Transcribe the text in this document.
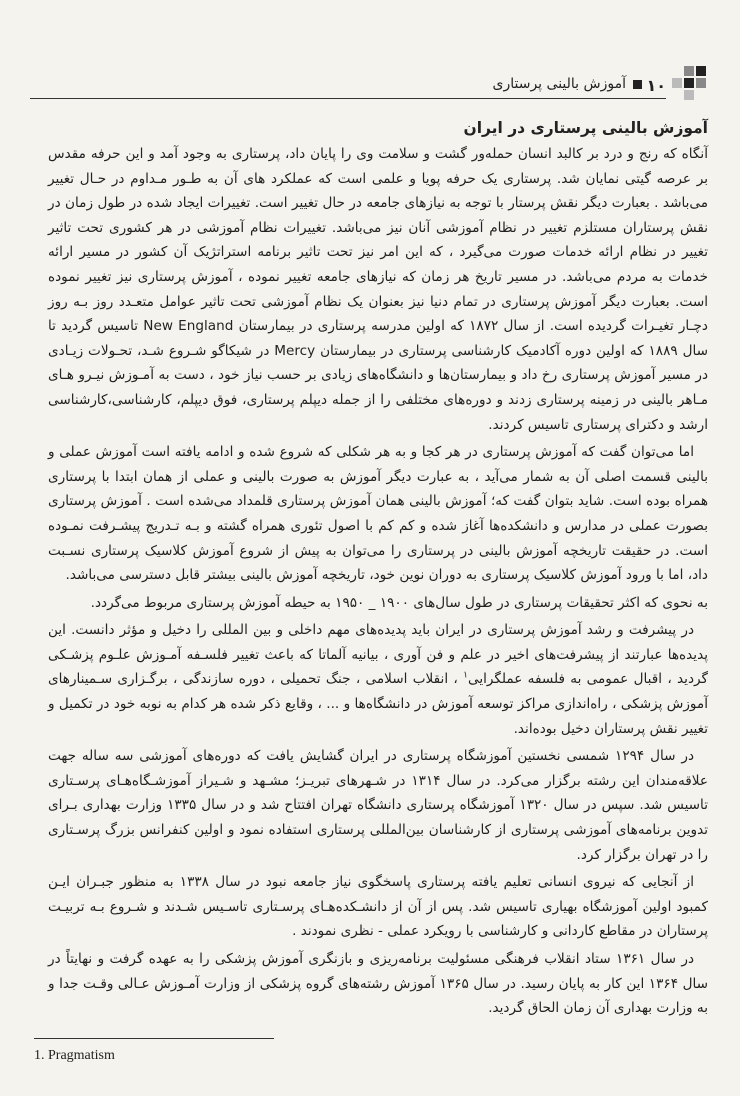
۱۰
آموزش بالینی پرستاری
آموزش بالینی پرستاری در ایران

آنگاه که رنج و درد بر کالبد انسان حمله‌ور گشت و سلامت وی را پایان داد، پرستاری به وجود آمد و این حرفه مقدس بر عرصه گیتی نمایان شد. پرستاری یک حرفه پویا و علمی است که عملکرد های آن به طـور مـداوم در حـال تغییر می‌باشد . بعبارت دیگر نقش پرستار با توجه به نیازهای جامعه در حال تغییر است. تغییرات ایجاد شده در طول زمان در نقش پرستاران مستلزم تغییر در نظام آموزشی آنان نیز می‌باشد. تغییرات نظام آموزشی در هر کشوری تحت تاثیر تغییر در نظام ارائه خدمات صورت می‌گیرد ، که این امر نیز تحت تاثیر برنامه استراتژیک آن کشور در مسیر ارائه خدمات به مردم می‌باشد. در مسیر تاریخ هر زمان که نیازهای جامعه تغییر نموده ، آموزش پرستاری نیز تغییر نموده است. بعبارت دیگر آموزش پرستاری در تمام دنیا نیز بعنوان یک نظام آموزشی تحت تاثیر عوامل متعـدد روز بـه روز دچـار تغیـرات گردیده است. از سال ۱۸۷۲ که اولین مدرسه پرستاری در بیمارستان New England تاسیس گردید تا سال ۱۸۸۹ که اولین دوره آکادمیک کارشناسی پرستاری در بیمارستان Mercy در شیکاگو شـروع شـد، تحـولات زیـادی در مسیر آموزش پرستاری رخ داد و بیمارستان‌ها و دانشگاه‌های زیادی بر حسب نیاز خود ، دست به آمـوزش نیـرو هـای مـاهر بالینی در زمینه پرستاری زدند و دوره‌های مختلفی را از جمله دیپلم پرستاری، فوق دیپلم، کارشناسی،کارشناسی ارشد و دکترای پرستاری تاسیس کردند.

اما می‌توان گفت که آموزش پرستاری در هر کجا و به هر شکلی که شروع شده و ادامه یافته است آموزش عملی و بالینی قسمت اصلی آن به شمار می‌آید ، به عبارت دیگر آموزش به صورت بالینی و عملی از همان ابتدا با پرستاری همراه بوده است. شاید بتوان گفت که؛ آموزش بالینی همان آموزش پرستاری قلمداد می‌شده است . آموزش پرستاری بصورت عملی در مدارس و دانشکده‌ها آغاز شده و کم کم با اصول تئوری همراه گشته و بـه تـدریج پیشـرفت نمـوده است. در حقیقت تاریخچه آموزش بالینی در پرستاری را می‌توان به پیش از شروع آموزش کلاسیک پرستاری نسـبت داد، اما با ورود آموزش کلاسیک پرستاری به دوران نوین خود، تاریخچه آموزش بالینی بیشتر قابل دسترسی می‌باشد.

به نحوی که اکثر تحقیقات پرستاری در طول سال‌های ۱۹۰۰ _ ۱۹۵۰ به حیطه آموزش پرستاری مربوط می‌گردد.

در پیشرفت و رشد آموزش پرستاری در ایران باید پدیده‌های مهم داخلی و بین المللی را دخیل و مؤثر دانست. این پدیده‌ها عبارتند از پیشرفت‌های اخیر در علم و فن آوری ، بیانیه آلماتا که باعث تغییر فلسـفه آمـوزش علـوم پزشـکی گردید ، اقبال عمومی به فلسفه عملگرایی$^۱$ ، انقلاب اسلامی ، جنگ تحمیلی ، دوره سازندگی ، برگـزاری سـمینارهای آموزش پزشکی ، راه‌اندازی مراکز توسعه آموزش در دانشگاه‌ها و ... ، وقایع ذکر شده هر کدام به نوبه خود در تکمیل و تغییر نقش پرستاران دخیل بوده‌اند.

در سال ۱۲۹۴ شمسی نخستین آموزشگاه پرستاری در ایران گشایش یافت که دوره‌های آموزشی سه ساله جهت علاقه‌مندان این رشته برگزار می‌کرد. در سال ۱۳۱۴ در شـهرهای تبریـز؛ مشـهد و شـیراز آموزشـگاه‌هـای پرسـتاری تاسیس شد. سپس در سال ۱۳۲۰ آموزشگاه پرستاری دانشگاه تهران افتتاح شد و در سال ۱۳۳۵ وزارت بهداری بـرای تدوین برنامه‌های آموزشی پرستاری از کارشناسان بین‌المللی پرستاری استفاده نمود و اولین کنفرانس بزرگ پرسـتاری را در تهران برگزار کرد.

از آنجایی که نیروی انسانی تعلیم یافته پرستاری پاسخگوی نیاز جامعه نبود در سال ۱۳۳۸ به منظور جبـران ایـن کمبود اولین آموزشگاه بهیاری تاسیس شد. پس از آن از دانشـکده‌هـای پرسـتاری تاسـیس شـدند و شـروع بـه تربیـت پرستاران در مقاطع کاردانی و کارشناسی با رویکرد عملی - نظری نمودند .

در سال ۱۳۶۱ ستاد انقلاب فرهنگی مسئولیت برنامه‌ریزی و بازنگری آموزش پزشکی را به عهده گرفت و نهایتاً در سال ۱۳۶۴ این کار به پایان رسید. در سال ۱۳۶۵ آموزش رشته‌های گروه پزشکی از وزارت آمـوزش عـالی وقـت جدا و به وزارت بهداری آن زمان الحاق گردید.

1. Pragmatism
